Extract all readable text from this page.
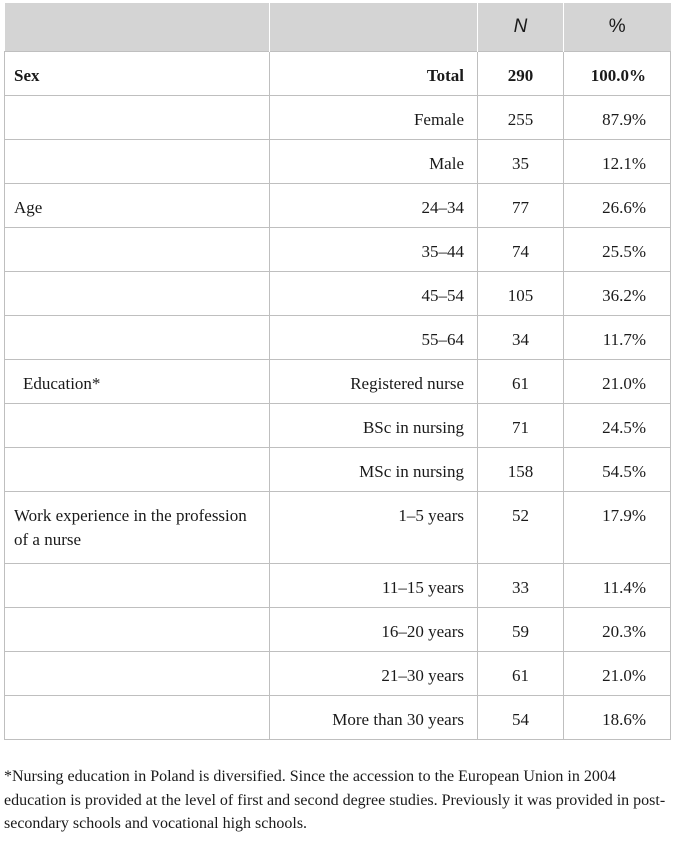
		N	%
Sex	Total	290	100.0%
	Female	255	87.9%
	Male	35	12.1%
Age	24–34	77	26.6%
	35–44	74	25.5%
	45–54	105	36.2%
	55–64	34	11.7%
Education*	Registered nurse	61	21.0%
	BSc in nursing	71	24.5%
	MSc in nursing	158	54.5%
Work experience in the profession of a nurse	1–5 years	52	17.9%
	11–15 years	33	11.4%
	16–20 years	59	20.3%
	21–30 years	61	21.0%
	More than 30 years	54	18.6%
*Nursing education in Poland is diversified. Since the accession to the European Union in 2004 education is provided at the level of first and second degree studies. Previously it was provided in post-secondary schools and vocational high schools.
